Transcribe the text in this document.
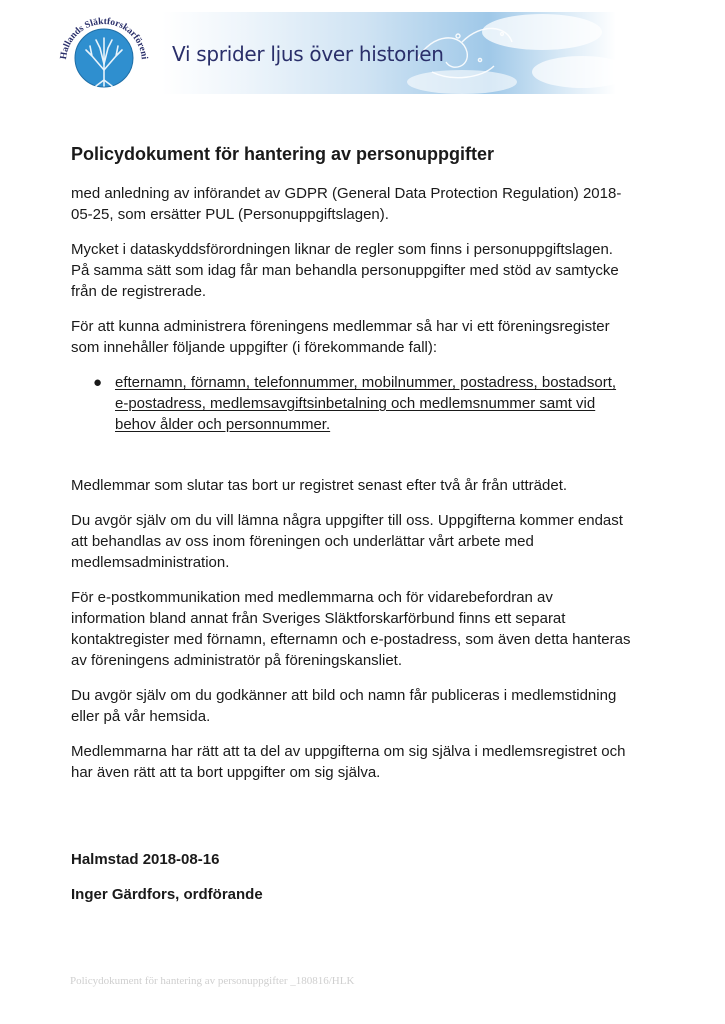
Hallands Släktforskarföreni Vi sprider ljus över historien
Policydokument för hantering av personuppgifter

med anledning av införandet av GDPR (General Data Protection Regulation) 2018-05-25, som ersätter PUL (Personuppgiftslagen).

Mycket i dataskyddsförordningen liknar de regler som finns i personuppgiftslagen. På samma sätt som idag får man behandla personuppgifter med stöd av samtycke från de registrerade.

För att kunna administrera föreningens medlemmar så har vi ett föreningsregister som innehåller följande uppgifter (i förekommande fall):

● efternamn, förnamn, telefonnummer, mobilnummer, postadress, bostadsort, e-postadress, medlemsavgiftsinbetalning och medlemsnummer samt vid behov ålder och personnummer.

Medlemmar som slutar tas bort ur registret senast efter två år från utträdet.

Du avgör själv om du vill lämna några uppgifter till oss. Uppgifterna kommer endast att behandlas av oss inom föreningen och underlättar vårt arbete med medlemsadministration.

För e-postkommunikation med medlemmarna och för vidarebefordran av information bland annat från Sveriges Släktforskarförbund finns ett separat kontaktregister med förnamn, efternamn och e-postadress, som även detta hanteras av föreningens administratör på föreningskansliet.

Du avgör själv om du godkänner att bild och namn får publiceras i medlemstidning eller på vår hemsida.

Medlemmarna har rätt att ta del av uppgifterna om sig själva i medlemsregistret och har även rätt att ta bort uppgifter om sig själva.

Halmstad 2018-08-16
Inger Gärdfors, ordförande
Policydokument för hantering av personuppgifter _180816/HLK
